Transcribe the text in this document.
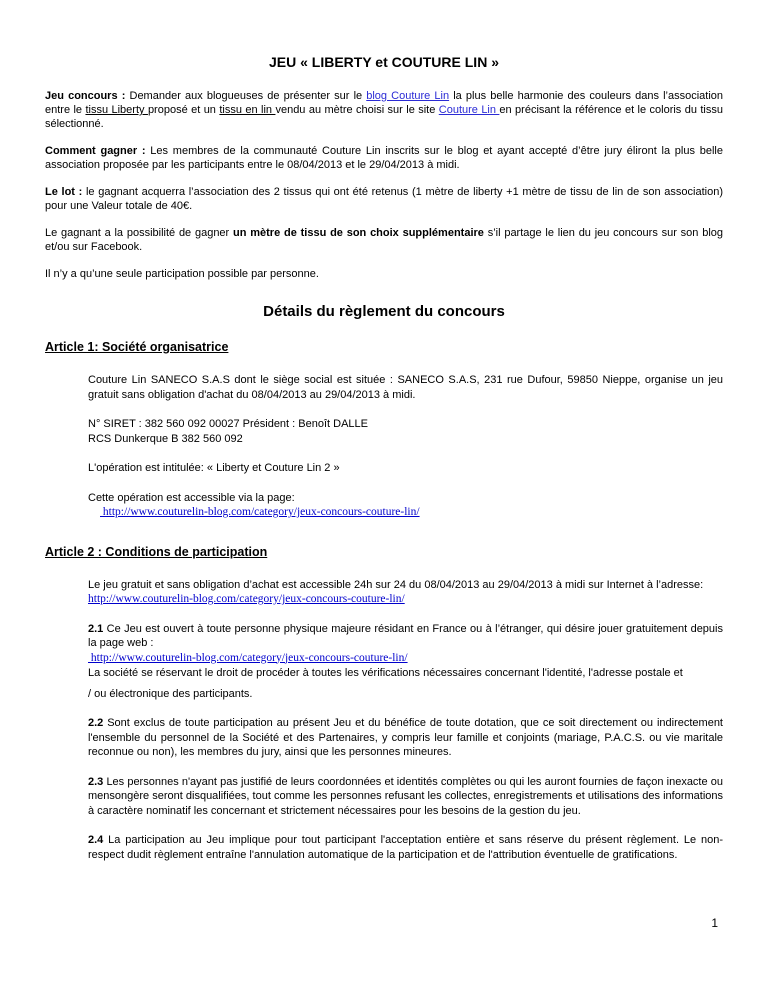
JEU « LIBERTY et COUTURE LIN »

Jeu concours : Demander aux blogueuses de présenter sur le blog Couture Lin la plus belle harmonie des couleurs dans l’association entre le tissu Liberty proposé et un tissu en lin vendu au mètre choisi sur le site Couture Lin en précisant la référence et le coloris du tissu sélectionné.

Comment gagner : Les membres de la communauté Couture Lin inscrits sur le blog et ayant accepté d’être jury éliront la plus belle association proposée par les participants entre le 08/04/2013 et le 29/04/2013 à midi.

Le lot : le gagnant acquerra l’association des 2 tissus qui ont été retenus (1 mètre de liberty +1 mètre de tissu de lin de son association) pour une Valeur totale de 40€.

Le gagnant a la possibilité de gagner un mètre de tissu de son choix supplémentaire s’il partage le lien du jeu concours sur son blog et/ou sur Facebook.

Il n’y a qu’une seule participation possible par personne.

Détails du règlement du concours
Article 1: Société organisatrice

Couture Lin SANECO S.A.S dont le siège social est située : SANECO S.A.S, 231 rue Dufour, 59850 Nieppe, organise un jeu gratuit sans obligation d'achat du 08/04/2013 au 29/04/2013 à midi.

N° SIRET : 382 560 092 00027 Président : Benoît DALLE

RCS Dunkerque B 382 560 092

L'opération est intitulée: « Liberty et Couture Lin 2 »

Cette opération est accessible via la page:

http://www.couturelin-blog.com/category/jeux-concours-couture-lin/
Article 2 : Conditions de participation

Le jeu gratuit et sans obligation d’achat est accessible 24h sur 24 du 08/04/2013 au 29/04/2013 à midi sur Internet à l’adresse:

http://www.couturelin-blog.com/category/jeux-concours-couture-lin/

2.1 Ce Jeu est ouvert à toute personne physique majeure résidant en France ou à l’étranger, qui désire jouer gratuitement depuis la page web :

http://www.couturelin-blog.com/category/jeux-concours-couture-lin/

La société se réservant le droit de procéder à toutes les vérifications nécessaires concernant l'identité, l'adresse postale et

/ ou électronique des participants.

2.2 Sont exclus de toute participation au présent Jeu et du bénéfice de toute dotation, que ce soit directement ou indirectement l'ensemble du personnel de la Société et des Partenaires, y compris leur famille et conjoints (mariage, P.A.C.S. ou vie maritale reconnue ou non), les membres du jury, ainsi que les personnes mineures.

2.3 Les personnes n'ayant pas justifié de leurs coordonnées et identités complètes ou qui les auront fournies de façon inexacte ou mensongère seront disqualifiées, tout comme les personnes refusant les collectes, enregistrements et utilisations des informations à caractère nominatif les concernant et strictement nécessaires pour les besoins de la gestion du jeu.

2.4 La participation au Jeu implique pour tout participant l'acceptation entière et sans réserve du présent règlement. Le non-respect dudit règlement entraîne l'annulation automatique de la participation et de l'attribution éventuelle de gratifications.

1
